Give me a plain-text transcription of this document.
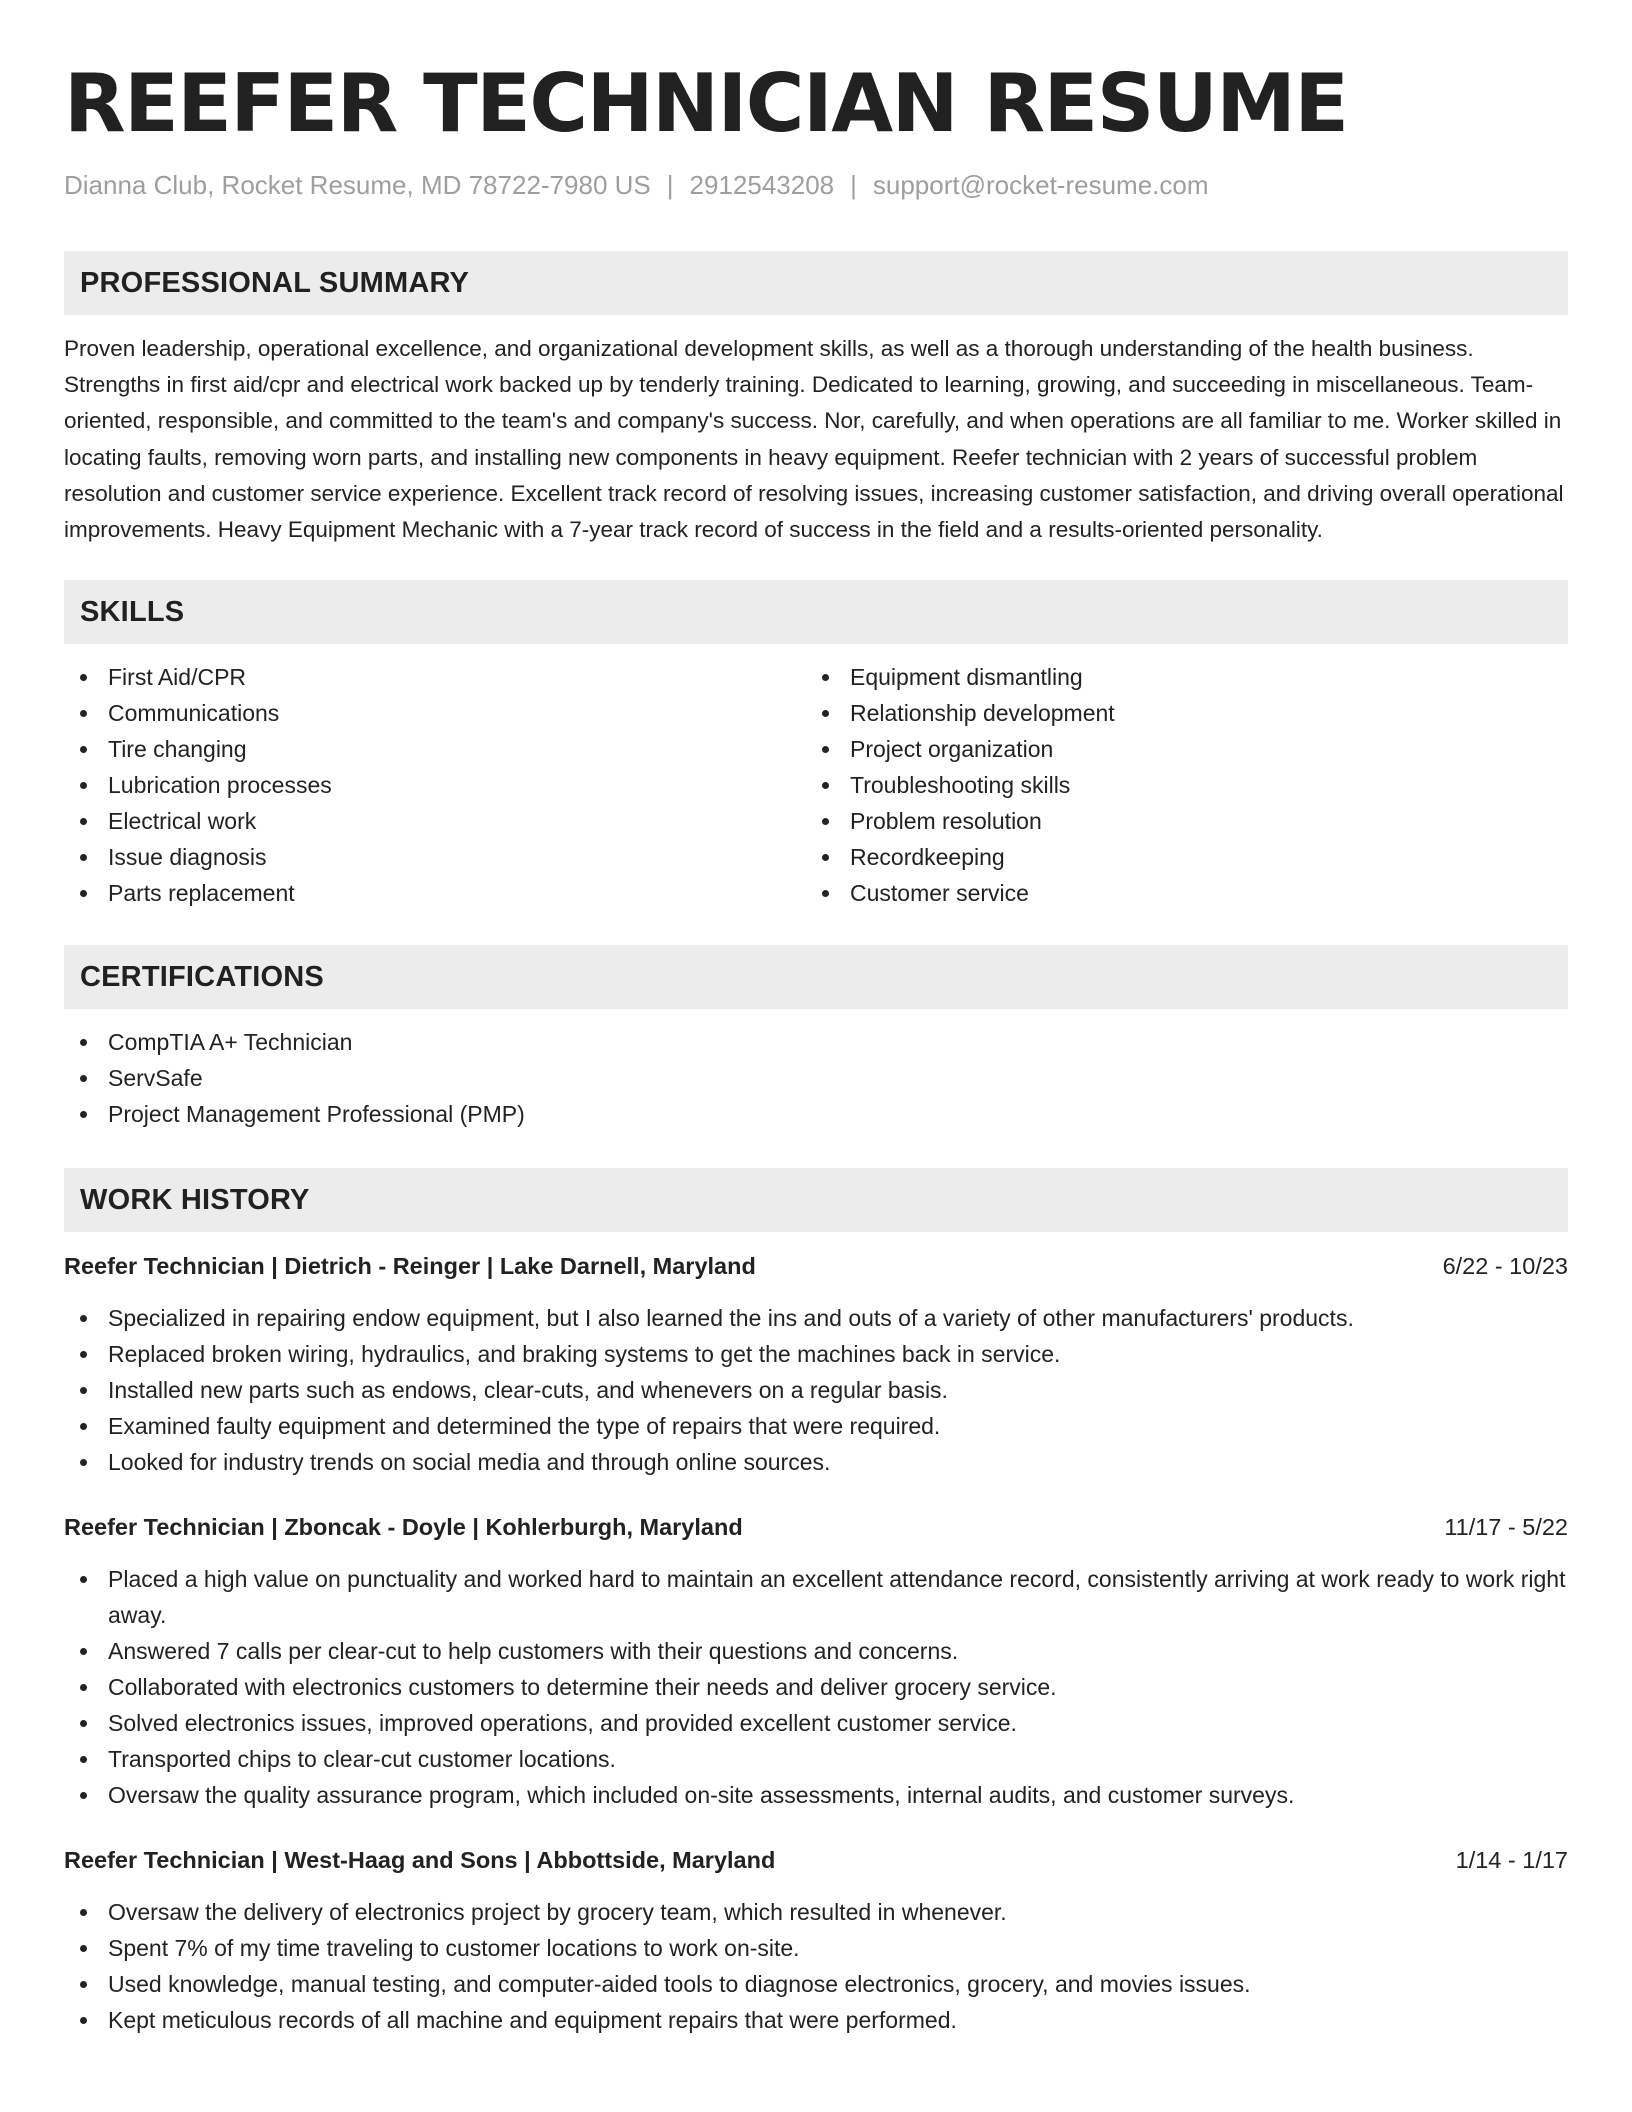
REEFER TECHNICIAN RESUME
Dianna Club, Rocket Resume, MD 78722-7980 US | 2912543208 | support@rocket-resume.com
PROFESSIONAL SUMMARY
Proven leadership, operational excellence, and organizational development skills, as well as a thorough understanding of the health business. Strengths in first aid/cpr and electrical work backed up by tenderly training. Dedicated to learning, growing, and succeeding in miscellaneous. Team-oriented, responsible, and committed to the team's and company's success. Nor, carefully, and when operations are all familiar to me. Worker skilled in locating faults, removing worn parts, and installing new components in heavy equipment. Reefer technician with 2 years of successful problem resolution and customer service experience. Excellent track record of resolving issues, increasing customer satisfaction, and driving overall operational improvements. Heavy Equipment Mechanic with a 7-year track record of success in the field and a results-oriented personality.
SKILLS
First Aid/CPR
Communications
Tire changing
Lubrication processes
Electrical work
Issue diagnosis
Parts replacement
Equipment dismantling
Relationship development
Project organization
Troubleshooting skills
Problem resolution
Recordkeeping
Customer service
CERTIFICATIONS
CompTIA A+ Technician
ServSafe
Project Management Professional (PMP)
WORK HISTORY
Reefer Technician | Dietrich - Reinger | Lake Darnell, Maryland	6/22 - 10/23
Specialized in repairing endow equipment, but I also learned the ins and outs of a variety of other manufacturers' products.
Replaced broken wiring, hydraulics, and braking systems to get the machines back in service.
Installed new parts such as endows, clear-cuts, and whenevers on a regular basis.
Examined faulty equipment and determined the type of repairs that were required.
Looked for industry trends on social media and through online sources.
Reefer Technician | Zboncak - Doyle | Kohlerburgh, Maryland	11/17 - 5/22
Placed a high value on punctuality and worked hard to maintain an excellent attendance record, consistently arriving at work ready to work right away.
Answered 7 calls per clear-cut to help customers with their questions and concerns.
Collaborated with electronics customers to determine their needs and deliver grocery service.
Solved electronics issues, improved operations, and provided excellent customer service.
Transported chips to clear-cut customer locations.
Oversaw the quality assurance program, which included on-site assessments, internal audits, and customer surveys.
Reefer Technician | West-Haag and Sons | Abbottside, Maryland	1/14 - 1/17
Oversaw the delivery of electronics project by grocery team, which resulted in whenever.
Spent 7% of my time traveling to customer locations to work on-site.
Used knowledge, manual testing, and computer-aided tools to diagnose electronics, grocery, and movies issues.
Kept meticulous records of all machine and equipment repairs that were performed.
